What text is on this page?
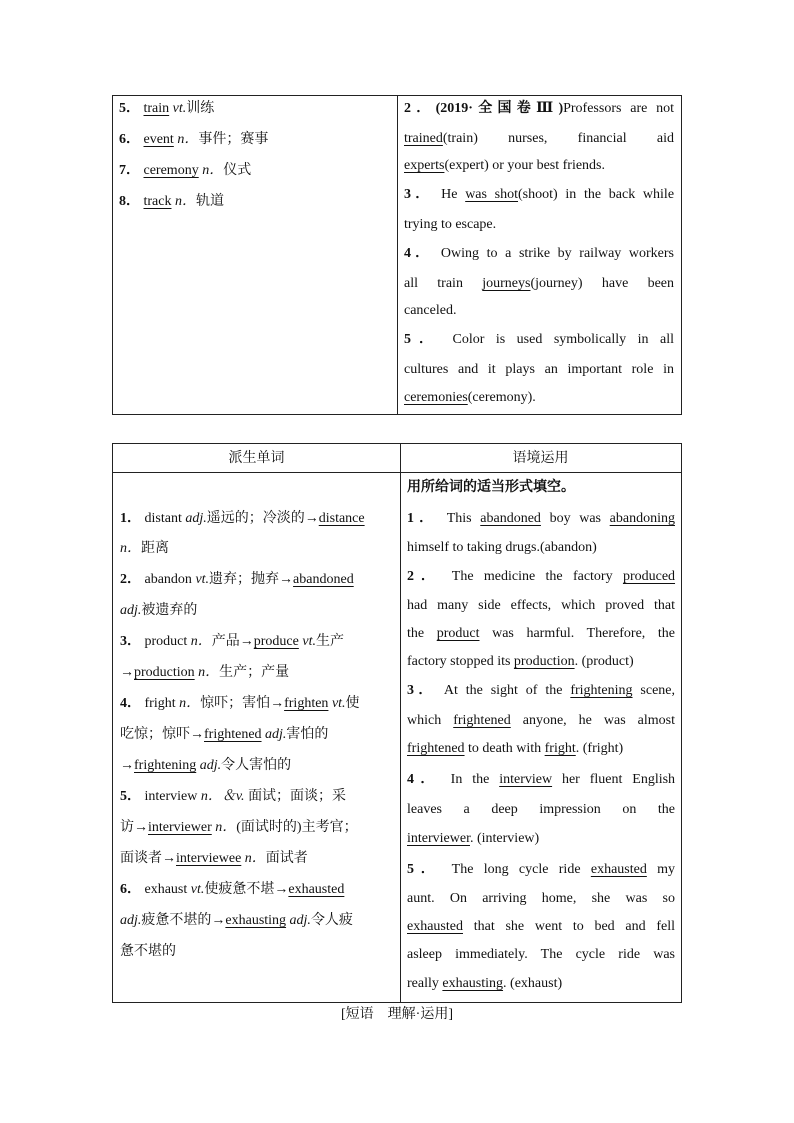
5． train vt.训练
6． event n．事件；赛事
7． ceremony n．仪式
8． track n．轨道
2．(2019·全国卷Ⅲ)Professors are not
trained(train) nurses, financial aid
experts(expert) or your best friends.
3． He was shot(shoot) in the back while
trying to escape.
4． Owing to a strike by railway workers
all train journeys(journey) have been
canceled.
5． Color is used symbolically in all
cultures and it plays an important role in
ceremonies(ceremony).
派生单词	语境运用
1． distant adj.遥远的；冷淡的→distance
n．距离
2． abandon vt.遗弃；抛弃→abandoned
adj.被遗弃的
3． product n．产品→produce vt.生产
→production n．生产；产量
4． fright n．惊吓；害怕→frighten vt.使
吃惊；惊吓→frightened adj.害怕的
→frightening adj.令人害怕的
5． interview n．＆v. 面试；面谈；采
访→interviewer n．(面试时的)主考官；
面谈者→interviewee n．面试者
6． exhaust vt.使疲惫不堪→exhausted
adj.疲惫不堪的→exhausting adj.令人疲
惫不堪的
用所给词的适当形式填空。
1． This abandoned boy was abandoning
himself to taking drugs.(abandon)
2． The medicine the factory produced
had many side effects, which proved that
the product was harmful. Therefore, the
factory stopped its production. (product)
3． At the sight of the frightening scene,
which frightened anyone, he was almost
frightened to death with fright. (fright)
4． In the interview her fluent English
leaves a deep impression on the
interviewer. (interview)
5． The long cycle ride exhausted my
aunt. On arriving home, she was so
exhausted that she went to bed and fell
asleep immediately. The cycle ride was
really exhausting. (exhaust)
[短语　理解·运用]
